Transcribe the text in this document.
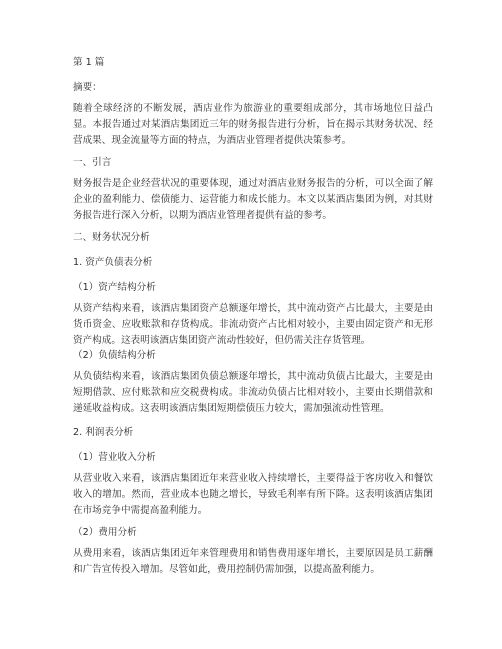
第 1 篇

摘要：

随着全球经济的不断发展，酒店业作为旅游业的重要组成部分，其市场地位日益凸显。本报告通过对某酒店集团近三年的财务报告进行分析，旨在揭示其财务状况、经营成果、现金流量等方面的特点，为酒店业管理者提供决策参考。

一、引言

财务报告是企业经营状况的重要体现，通过对酒店业财务报告的分析，可以全面了解企业的盈利能力、偿债能力、运营能力和成长能力。本文以某酒店集团为例，对其财务报告进行深入分析，以期为酒店业管理者提供有益的参考。

二、财务状况分析

1. 资产负债表分析

（1）资产结构分析

从资产结构来看，该酒店集团资产总额逐年增长，其中流动资产占比最大，主要是由货币资金、应收账款和存货构成。非流动资产占比相对较小，主要由固定资产和无形资产构成。这表明该酒店集团资产流动性较好，但仍需关注存货管理。

（2）负债结构分析

从负债结构来看，该酒店集团负债总额逐年增长，其中流动负债占比最大，主要是由短期借款、应付账款和应交税费构成。非流动负债占比相对较小，主要由长期借款和递延收益构成。这表明该酒店集团短期偿债压力较大，需加强流动性管理。

2. 利润表分析

（1）营业收入分析

从营业收入来看，该酒店集团近年来营业收入持续增长，主要得益于客房收入和餐饮收入的增加。然而，营业成本也随之增长，导致毛利率有所下降。这表明该酒店集团在市场竞争中需提高盈利能力。

（2）费用分析

从费用来看，该酒店集团近年来管理费用和销售费用逐年增长，主要原因是员工薪酬和广告宣传投入增加。尽管如此，费用控制仍需加强，以提高盈利能力。
